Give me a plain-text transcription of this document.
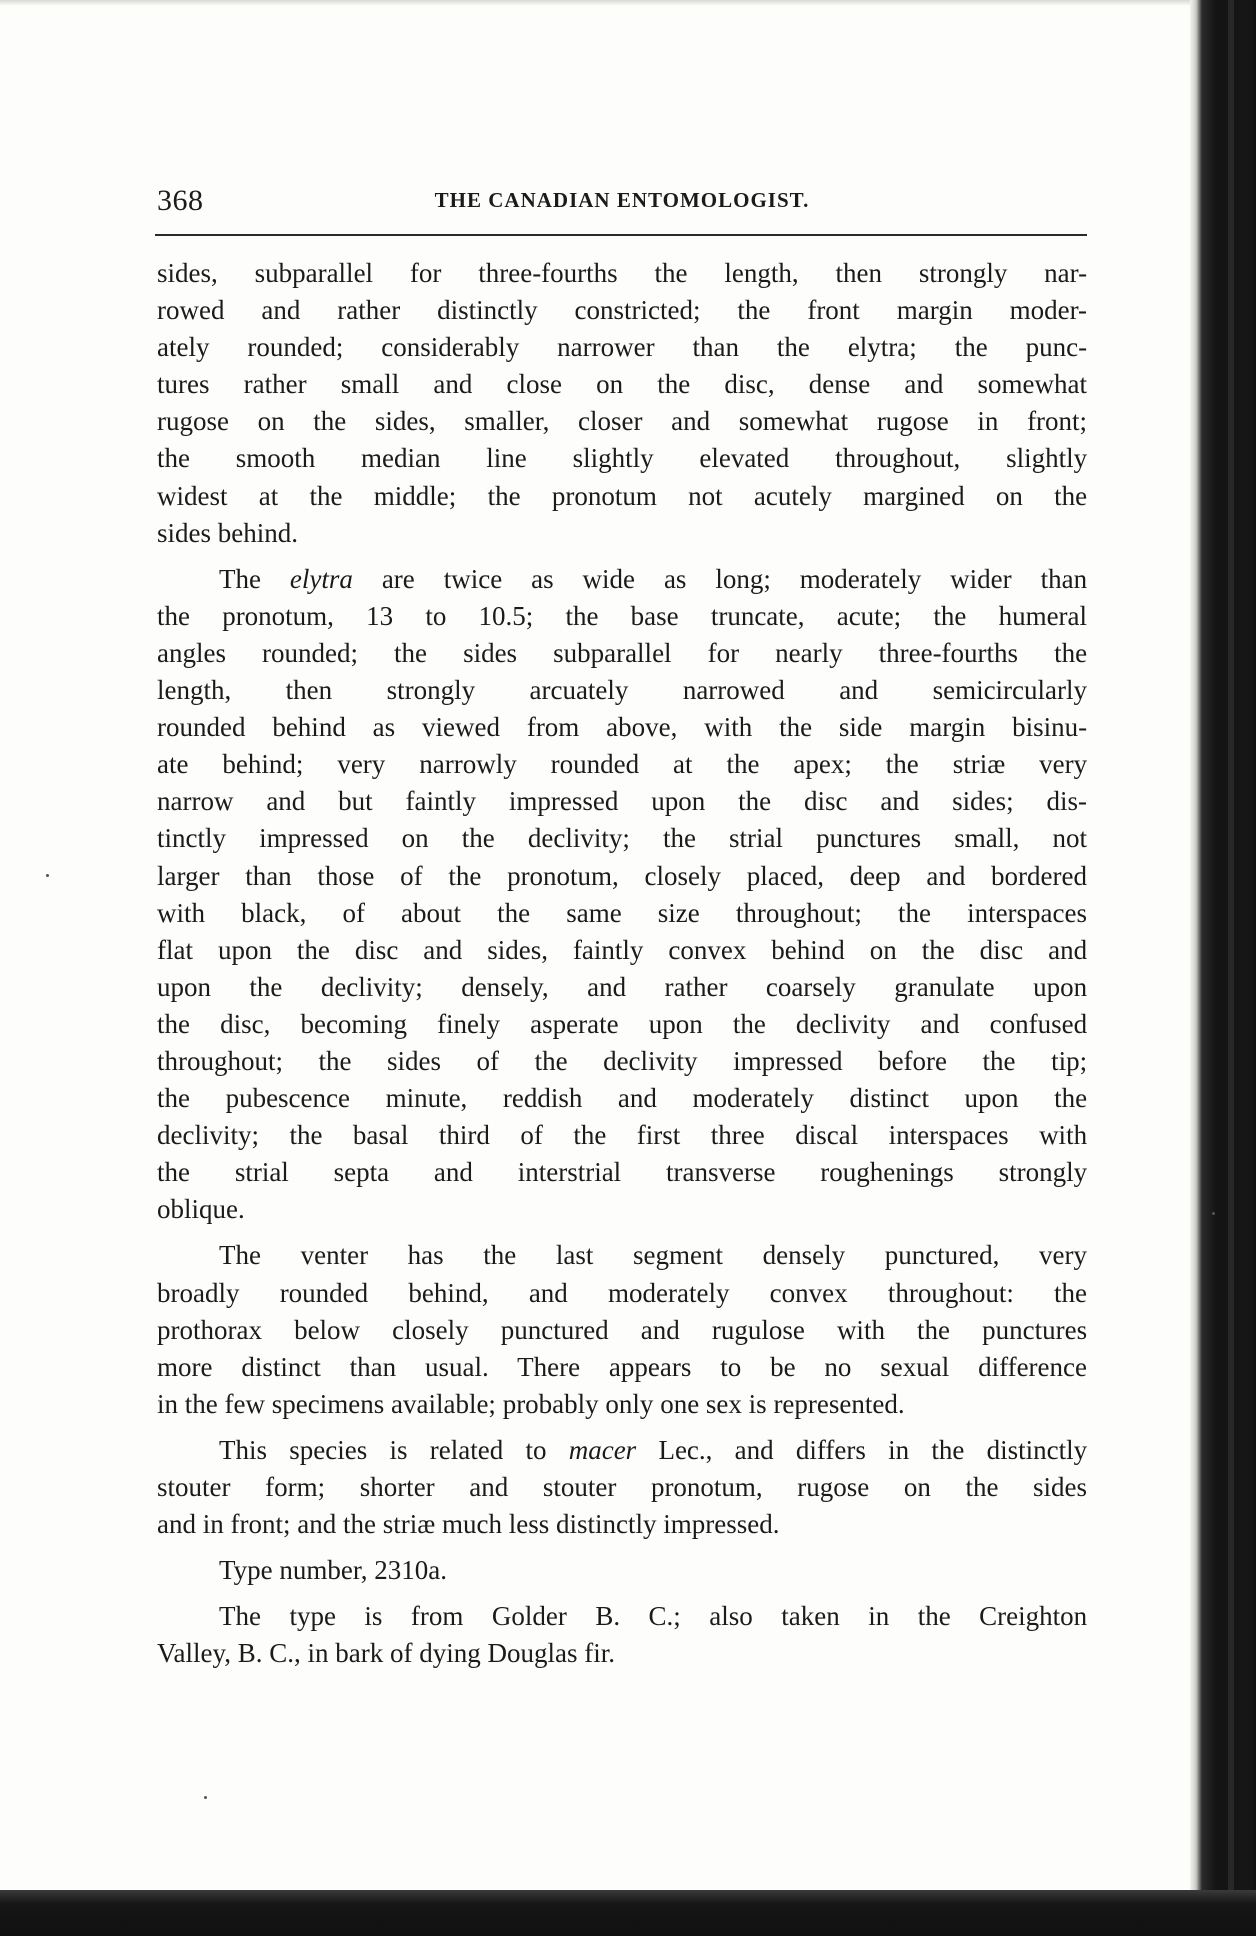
368	THE CANADIAN ENTOMOLOGIST.
sides, subparallel for three-fourths the length, then strongly nar-
rowed and rather distinctly constricted; the front margin moder-
ately rounded; considerably narrower than the elytra; the punc-
tures rather small and close on the disc, dense and somewhat
rugose on the sides, smaller, closer and somewhat rugose in front;
the smooth median line slightly elevated throughout, slightly
widest at the middle; the pronotum not acutely margined on the
sides behind.
The elytra are twice as wide as long; moderately wider than
the pronotum, 13 to 10.5; the base truncate, acute; the humeral
angles rounded; the sides subparallel for nearly three-fourths the
length, then strongly arcuately narrowed and semicircularly
rounded behind as viewed from above, with the side margin bisinu-
ate behind; very narrowly rounded at the apex; the striæ very
narrow and but faintly impressed upon the disc and sides; dis-
tinctly impressed on the declivity; the strial punctures small, not
larger than those of the pronotum, closely placed, deep and bordered
with black, of about the same size throughout; the interspaces
flat upon the disc and sides, faintly convex behind on the disc and
upon the declivity; densely, and rather coarsely granulate upon
the disc, becoming finely asperate upon the declivity and confused
throughout; the sides of the declivity impressed before the tip;
the pubescence minute, reddish and moderately distinct upon the
declivity; the basal third of the first three discal interspaces with
the strial septa and interstrial transverse roughenings strongly
oblique.
The venter has the last segment densely punctured, very
broadly rounded behind, and moderately convex throughout: the
prothorax below closely punctured and rugulose with the punctures
more distinct than usual. There appears to be no sexual difference
in the few specimens available; probably only one sex is represented.
This species is related to macer Lec., and differs in the distinctly
stouter form; shorter and stouter pronotum, rugose on the sides
and in front; and the striæ much less distinctly impressed.
Type number, 2310a.
The type is from Golder B. C.; also taken in the Creighton
Valley, B. C., in bark of dying Douglas fir.
